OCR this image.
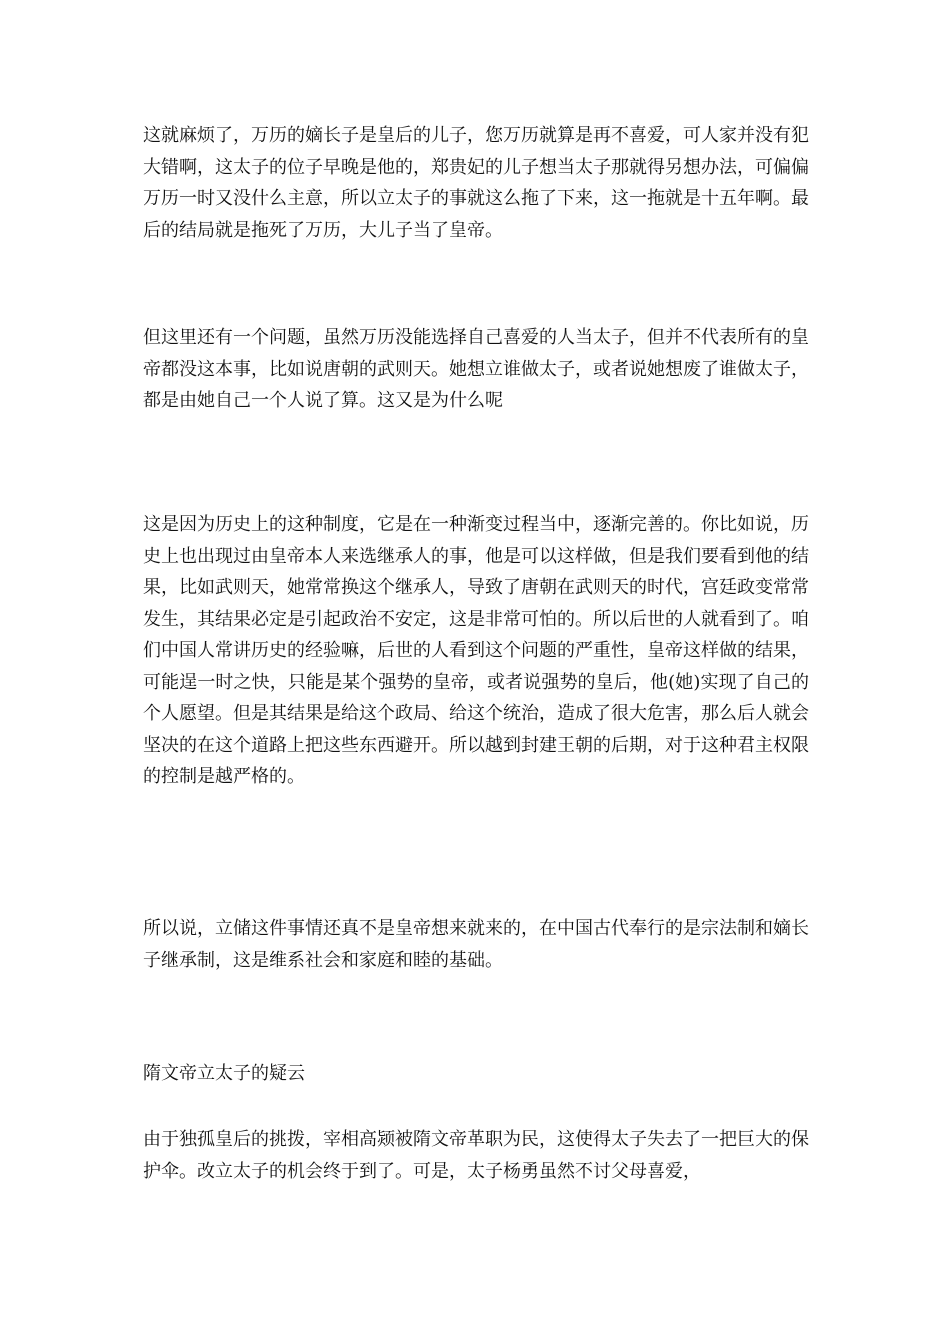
这就麻烦了，万历的嫡长子是皇后的儿子，您万历就算是再不喜爱，可人家并没有犯大错啊，这太子的位子早晚是他的，郑贵妃的儿子想当太子那就得另想办法，可偏偏万历一时又没什么主意，所以立太子的事就这么拖了下来，这一拖就是十五年啊。最后的结局就是拖死了万历，大儿子当了皇帝。

但这里还有一个问题，虽然万历没能选择自己喜爱的人当太子，但并不代表所有的皇帝都没这本事，比如说唐朝的武则天。她想立谁做太子，或者说她想废了谁做太子，都是由她自己一个人说了算。这又是为什么呢

这是因为历史上的这种制度，它是在一种渐变过程当中，逐渐完善的。你比如说，历史上也出现过由皇帝本人来选继承人的事，他是可以这样做，但是我们要看到他的结果，比如武则天，她常常换这个继承人，导致了唐朝在武则天的时代，宫廷政变常常发生，其结果必定是引起政治不安定，这是非常可怕的。所以后世的人就看到了。咱们中国人常讲历史的经验嘛，后世的人看到这个问题的严重性，皇帝这样做的结果，可能逞一时之快，只能是某个强势的皇帝，或者说强势的皇后，他(她)实现了自己的个人愿望。但是其结果是给这个政局、给这个统治，造成了很大危害，那么后人就会坚决的在这个道路上把这些东西避开。所以越到封建王朝的后期，对于这种君主权限的控制是越严格的。

所以说，立储这件事情还真不是皇帝想来就来的，在中国古代奉行的是宗法制和嫡长子继承制，这是维系社会和家庭和睦的基础。

隋文帝立太子的疑云

由于独孤皇后的挑拨，宰相高颎被隋文帝革职为民，这使得太子失去了一把巨大的保护伞。改立太子的机会终于到了。可是，太子杨勇虽然不讨父母喜爱，
